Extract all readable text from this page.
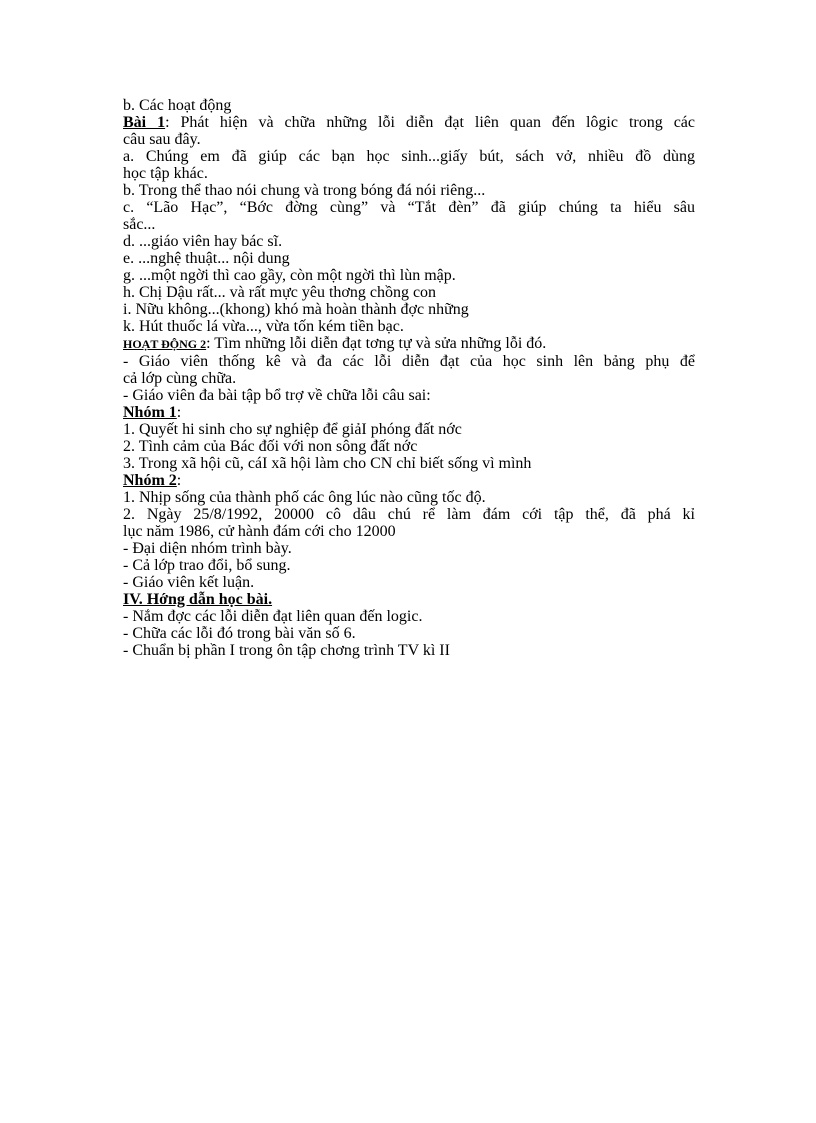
b. Các hoạt động
Bài 1: Phát hiện và chữa những lỗi diễn đạt liên quan đến lôgic trong các
câu sau đây.
a. Chúng em đã giúp các bạn học sinh...giấy bút, sách vở, nhiều đồ dùng
học tập khác.
b. Trong thể thao nói chung và trong bóng đá nói riêng...
c. “Lão Hạc”, “Bớc đờng cùng” và “Tắt đèn” đã giúp chúng ta hiểu sâu
sắc...
d. ...giáo viên hay bác sĩ.
e. ...nghệ thuật... nội dung
g. ...một ngời thì cao gầy, còn một ngời thì lùn mập.
h. Chị Dậu rất... và rất mực yêu thơng chồng con
i. Nữu không...(khong) khó mà hoàn thành đợc những
k. Hút thuốc lá vừa..., vừa tốn kém tiền bạc.
HOẠT ĐỘNG 2: Tìm những lỗi diễn đạt tơng tự và sửa những lỗi đó.
- Giáo viên thống kê và đa các lỗi diễn đạt của học sinh lên bảng phụ để
cả lớp cùng chữa.
- Giáo viên đa bài tập bổ trợ về chữa lỗi câu sai:
Nhóm 1:
1. Quyết hi sinh cho sự nghiệp để giảI phóng đất nớc
2. Tình cảm của Bác đối với non sông đất nớc
3. Trong xã hội cũ, cáI xã hội làm cho CN chỉ biết sống vì mình
Nhóm 2:
1. Nhịp sống của thành phố các ông lúc nào cũng tốc độ.
2. Ngày 25/8/1992, 20000 cô dâu chú rể làm đám cới tập thể, đã phá kỉ
lục năm 1986, cử hành đám cới cho 12000
- Đại diện nhóm trình bày.
- Cả lớp trao đổi, bổ sung.
- Giáo viên kết luận.
IV. Hớng dẫn học bài.
- Nắm đợc các lỗi diễn đạt liên quan đến logic.
- Chữa các lỗi đó trong bài văn số 6.
- Chuẩn bị phần I trong ôn tập chơng trình TV kì II
